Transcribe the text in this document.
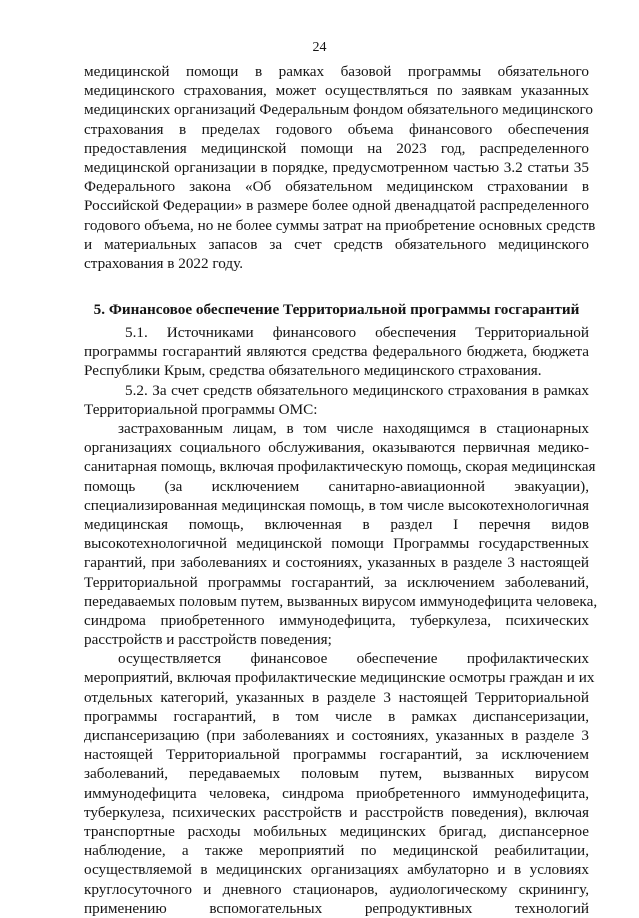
24
медицинской помощи в рамках базовой программы обязательного
медицинского страхования, может осуществляться по заявкам указанных
медицинских организаций Федеральным фондом обязательного медицинского
страхования в пределах годового объема финансового обеспечения
предоставления медицинской помощи на 2023 год, распределенного
медицинской организации в порядке, предусмотренном частью 3.2 статьи 35
Федерального закона «Об обязательном медицинском страховании в
Российской Федерации» в размере более одной двенадцатой распределенного
годового объема, но не более суммы затрат на приобретение основных средств
и материальных запасов за счет средств обязательного медицинского
страхования в 2022 году.
5. Финансовое обеспечение Территориальной программы госгарантий
5.1. Источниками финансового обеспечения Территориальной
программы госгарантий являются средства федерального бюджета, бюджета
Республики Крым, средства обязательного медицинского страхования.
5.2. За счет средств обязательного медицинского страхования в рамках
Территориальной программы ОМС:
застрахованным лицам, в том числе находящимся в стационарных
организациях социального обслуживания, оказываются первичная медико-
санитарная помощь, включая профилактическую помощь, скорая медицинская
помощь (за исключением санитарно-авиационной эвакуации),
специализированная медицинская помощь, в том числе высокотехнологичная
медицинская помощь, включенная в раздел I перечня видов
высокотехнологичной медицинской помощи Программы государственных
гарантий, при заболеваниях и состояниях, указанных в разделе 3 настоящей
Территориальной программы госгарантий, за исключением заболеваний,
передаваемых половым путем, вызванных вирусом иммунодефицита человека,
синдрома приобретенного иммунодефицита, туберкулеза, психических
расстройств и расстройств поведения;
осуществляется финансовое обеспечение профилактических
мероприятий, включая профилактические медицинские осмотры граждан и их
отдельных категорий, указанных в разделе 3 настоящей Территориальной
программы госгарантий, в том числе в рамках диспансеризации,
диспансеризацию (при заболеваниях и состояниях, указанных в разделе 3
настоящей Территориальной программы госгарантий, за исключением
заболеваний, передаваемых половым путем, вызванных вирусом
иммунодефицита человека, синдрома приобретенного иммунодефицита,
туберкулеза, психических расстройств и расстройств поведения), включая
транспортные расходы мобильных медицинских бригад, диспансерное
наблюдение, а также мероприятий по медицинской реабилитации,
осуществляемой в медицинских организациях амбулаторно и в условиях
круглосуточного и дневного стационаров, аудиологическому скринингу,
применению вспомогательных репродуктивных технологий
